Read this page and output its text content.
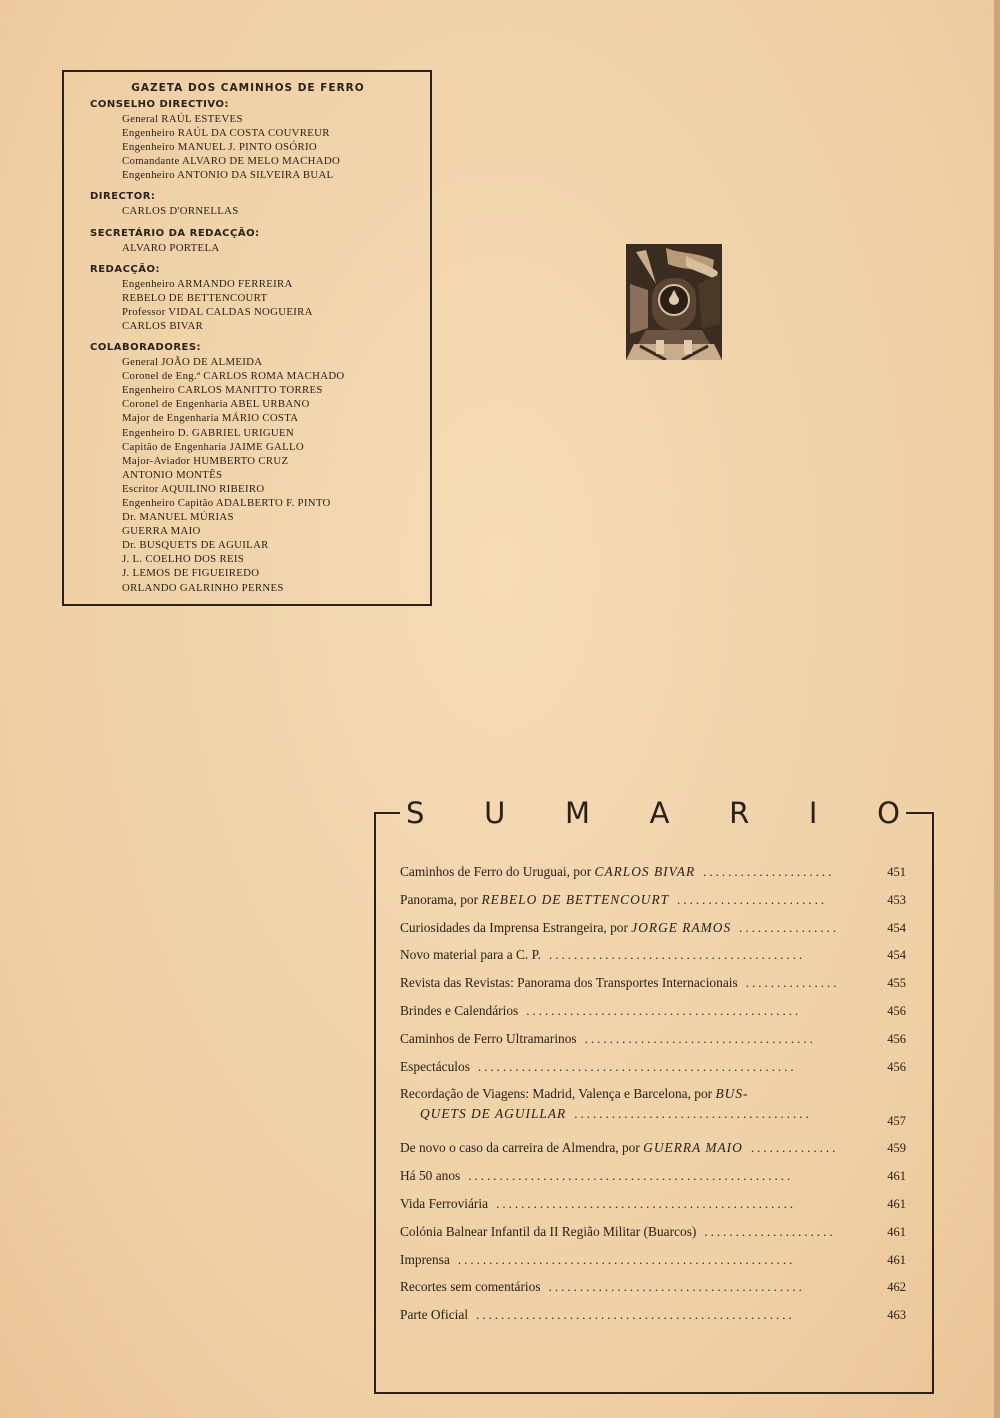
GAZETA DOS CAMINHOS DE FERRO
CONSELHO DIRECTIVO:
General RAÚL ESTEVES
Engenheiro RAÚL DA COSTA COUVREUR
Engenheiro MANUEL J. PINTO OSÓRIO
Comandante ALVARO DE MELO MACHADO
Engenheiro ANTONIO DA SILVEIRA BUAL
DIRECTOR:
CARLOS D'ORNELLAS
SECRETÁRIO DA REDACÇÃO:
ALVARO PORTELA
REDACÇÃO:
Engenheiro ARMANDO FERREIRA
REBELO DE BETTENCOURT
Professor VIDAL CALDAS NOGUEIRA
CARLOS BIVAR
COLABORADORES:
General JOÃO DE ALMEIDA
Coronel de Eng.ª CARLOS ROMA MACHADO
Engenheiro CARLOS MANITTO TORRES
Coronel de Engenharia ABEL URBANO
Major de Engenharia MÁRIO COSTA
Engenheiro D. GABRIEL URIGUEN
Capitão de Engenharia JAIME GALLO
Major-Aviador HUMBERTO CRUZ
ANTONIO MONTÊS
Escritor AQUILINO RIBEIRO
Engenheiro Capitão ADALBERTO F. PINTO
Dr. MANUEL MÚRIAS
GUERRA MAIO
Dr. BUSQUETS DE AGUILAR
J. L. COELHO DOS REIS
J. LEMOS DE FIGUEIREDO
ORLANDO GALRINHO PERNES
S U M A R I O
Caminhos de Ferro do Uruguai, por CARLOS BIVAR .....................	451
Panorama, por REBELO DE BETTENCOURT ........................	453
Curiosidades da Imprensa Estrangeira, por JORGE RAMOS ................	454
Novo material para a C. P. .........................................	454
Revista das Revistas: Panorama dos Transportes Internacionais ...............	455
Brindes e Calendários ............................................	456
Caminhos de Ferro Ultramarinos .....................................	456
Espectáculos ...................................................	456
Recordação de Viagens: Madrid, Valença e Barcelona, por BUS-
QUETS DE AGUILLAR ......................................	457
De novo o caso da carreira de Almendra, por GUERRA MAIO ..............	459
Há 50 anos ....................................................	461
Vida Ferroviária ................................................	461
Colónia Balnear Infantil da II Região Militar (Buarcos) .....................	461
Imprensa ......................................................	461
Recortes sem comentários .........................................	462
Parte Oficial ...................................................	463
